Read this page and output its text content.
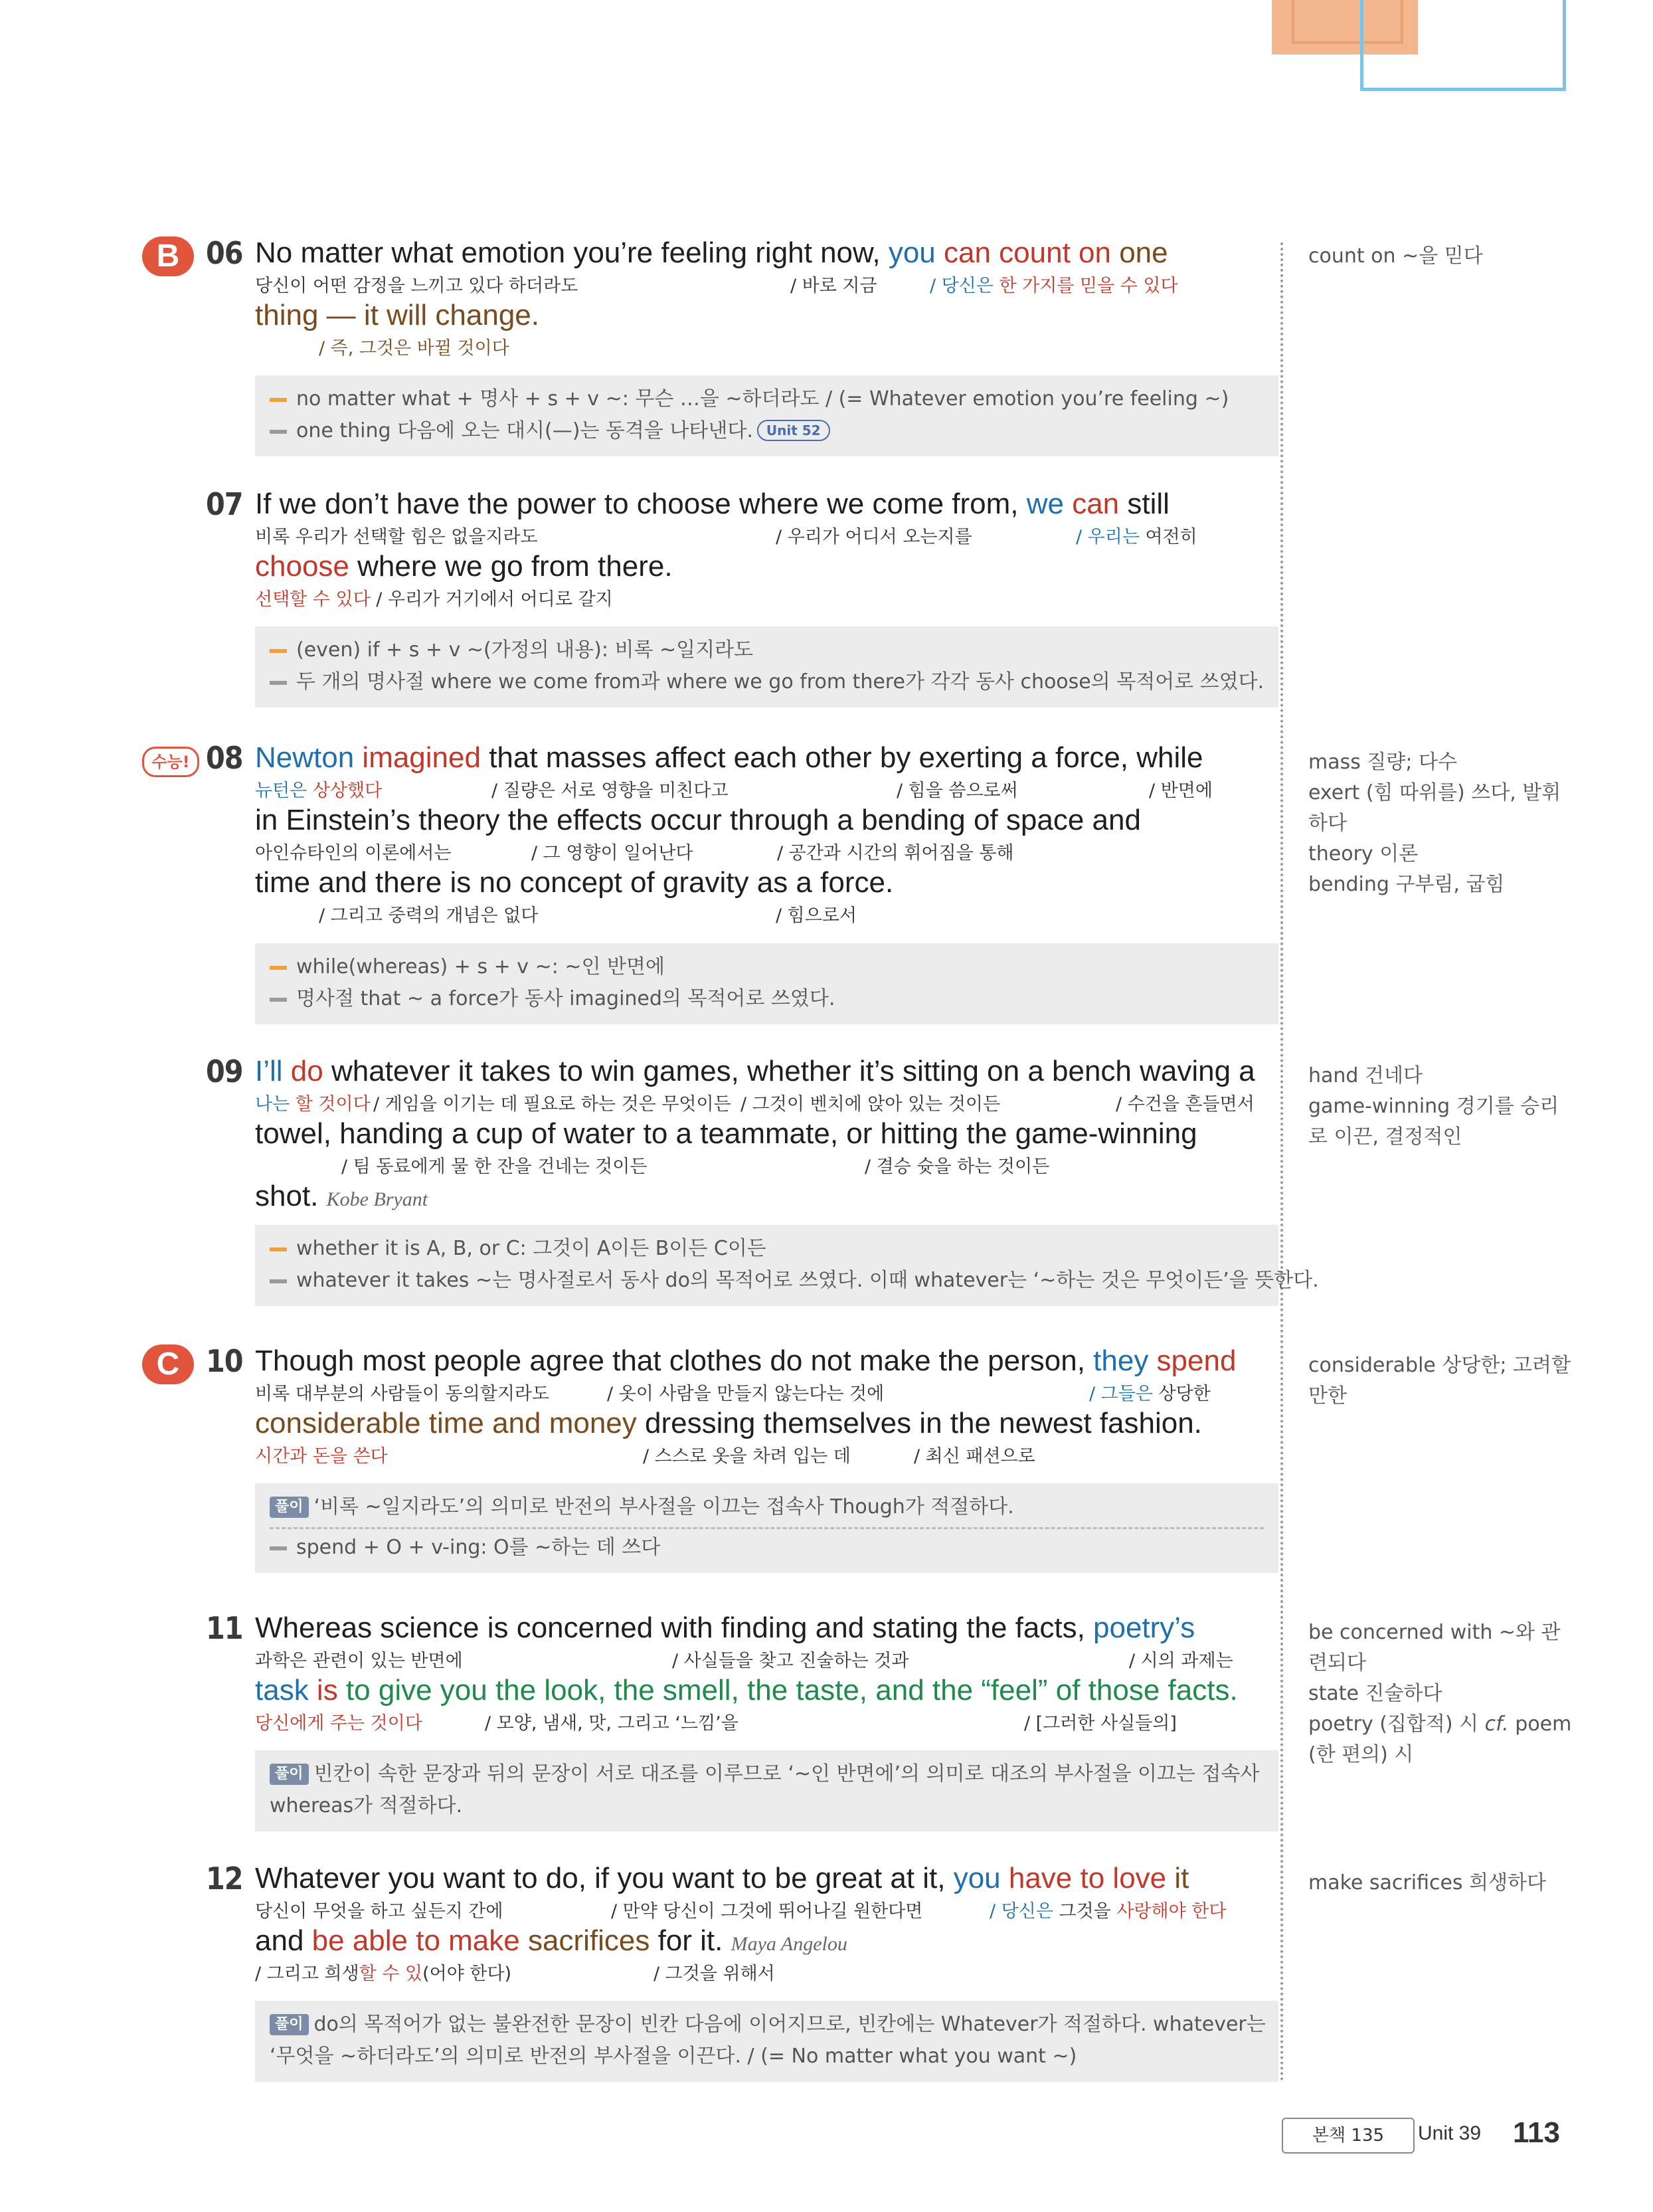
B 06 No matter what emotion you’re feeling right now, you can count on one
당신이 어떤 감정을 느끼고 있다 하더라도	/ 바로 지금	/ 당신은 한 가지를 믿을 수 있다
thing — it will change.
/ 즉, 그것은 바뀔 것이다
no matter what + 명사 + s + v ~: 무슨 …을 ~하더라도 / (= Whatever emotion you’re feeling ~)
one thing 다음에 오는 대시(—)는 동격을 나타낸다. Unit 52
07 If we don’t have the power to choose where we come from, we can still
비록 우리가 선택할 힘은 없을지라도	/ 우리가 어디서 오는지를	/ 우리는 여전히
choose where we go from there.
선택할 수 있다 / 우리가 거기에서 어디로 갈지
(even) if + s + v ~(가정의 내용): 비록 ~일지라도
두 개의 명사절 where we come from과 where we go from there가 각각 동사 choose의 목적어로 쓰였다.
수능! 08 Newton imagined that masses affect each other by exerting a force, while
뉴턴은 상상했다	/ 질량은 서로 영향을 미친다고	/ 힘을 씀으로써	/ 반면에
in Einstein’s theory the effects occur through a bending of space and
아인슈타인의 이론에서는	/ 그 영향이 일어난다	/ 공간과 시간의 휘어짐을 통해
time and there is no concept of gravity as a force.
/ 그리고 중력의 개념은 없다	/ 힘으로서
while(whereas) + s + v ~: ~인 반면에
명사절 that ~ a force가 동사 imagined의 목적어로 쓰였다.
09 I’ll do whatever it takes to win games, whether it’s sitting on a bench waving a
나는 할 것이다 / 게임을 이기는 데 필요로 하는 것은 무엇이든 / 그것이 벤치에 앉아 있는 것이든	/ 수건을 흔들면서
towel, handing a cup of water to a teammate, or hitting the game-winning
/ 팀 동료에게 물 한 잔을 건네는 것이든	/ 결승 슛을 하는 것이든
shot. Kobe Bryant
whether it is A, B, or C: 그것이 A이든 B이든 C이든
whatever it takes ~는 명사절로서 동사 do의 목적어로 쓰였다. 이때 whatever는 ‘~하는 것은 무엇이든’을 뜻한다.
C 10 Though most people agree that clothes do not make the person, they spend
비록 대부분의 사람들이 동의할지라도	/ 옷이 사람을 만들지 않는다는 것에	/ 그들은 상당한
considerable time and money dressing themselves in the newest fashion.
시간과 돈을 쓴다	/ 스스로 옷을 차려 입는 데	/ 최신 패션으로
풀이 ‘비록 ~일지라도’의 의미로 반전의 부사절을 이끄는 접속사 Though가 적절하다.
spend + O + v-ing: O를 ~하는 데 쓰다
11 Whereas science is concerned with finding and stating the facts, poetry’s
과학은 관련이 있는 반면에	/ 사실들을 찾고 진술하는 것과	/ 시의 과제는
task is to give you the look, the smell, the taste, and the “feel” of those facts.
당신에게 주는 것이다	/ 모양, 냄새, 맛, 그리고 ‘느낌’을	/ [그러한 사실들의]
풀이 빈칸이 속한 문장과 뒤의 문장이 서로 대조를 이루므로 ‘~인 반면에’의 의미로 대조의 부사절을 이끄는 접속사
whereas가 적절하다.
12 Whatever you want to do, if you want to be great at it, you have to love it
당신이 무엇을 하고 싶든지 간에	/ 만약 당신이 그것에 뛰어나길 원한다면	/ 당신은 그것을 사랑해야 한다
and be able to make sacrifices for it. Maya Angelou
/ 그리고 희생할 수 있(어야 한다)	/ 그것을 위해서
풀이 do의 목적어가 없는 불완전한 문장이 빈칸 다음에 이어지므로, 빈칸에는 Whatever가 적절하다. whatever는
‘무엇을 ~하더라도’의 의미로 반전의 부사절을 이끈다. / (= No matter what you want ~)
count on ~을 믿다
mass 질량; 다수
exert (힘 따위를) 쓰다, 발휘하다
theory 이론
bending 구부림, 굽힘
hand 건네다
game-winning 경기를 승리
로 이끈, 결정적인
considerable 상당한; 고려할
만한
be concerned with ~와 관
련되다
state 진술하다
poetry (집합적) 시 cf. poem
(한 편의) 시
make sacrifices 희생하다
본책 135	Unit 39 113
